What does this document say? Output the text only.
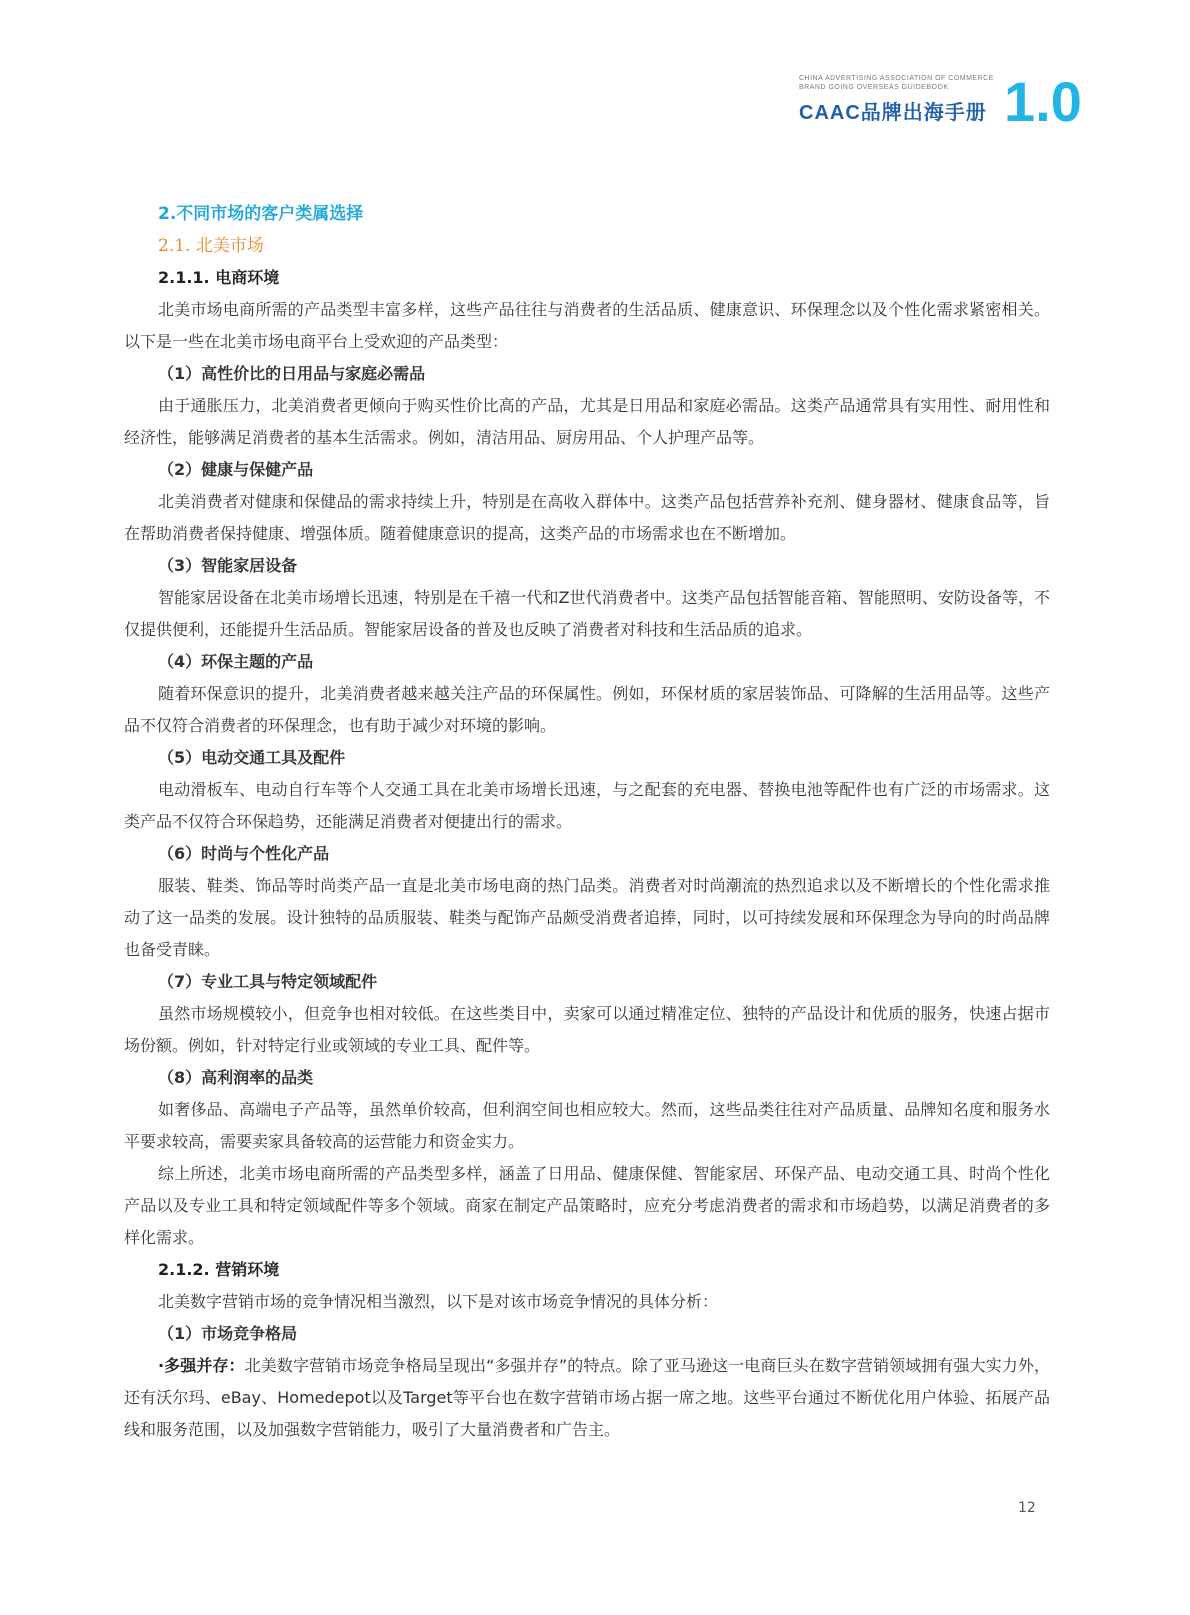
CHINA ADVERTISING ASSOCIATION OF COMMERCE
BRAND GOING OVERSEAS GUIDEBOOK
CAAC品牌出海手册 1.0
2.不同市场的客户类属选择
2.1. 北美市场
2.1.1. 电商环境

北美市场电商所需的产品类型丰富多样，这些产品往往与消费者的生活品质、健康意识、环保理念以及个性化需求紧密相关。以下是一些在北美市场电商平台上受欢迎的产品类型：

（1）高性价比的日用品与家庭必需品

由于通胀压力，北美消费者更倾向于购买性价比高的产品，尤其是日用品和家庭必需品。这类产品通常具有实用性、耐用性和经济性，能够满足消费者的基本生活需求。例如，清洁用品、厨房用品、个人护理产品等。

（2）健康与保健产品

北美消费者对健康和保健品的需求持续上升，特别是在高收入群体中。这类产品包括营养补充剂、健身器材、健康食品等，旨在帮助消费者保持健康、增强体质。随着健康意识的提高，这类产品的市场需求也在不断增加。

（3）智能家居设备

智能家居设备在北美市场增长迅速，特别是在千禧一代和Z世代消费者中。这类产品包括智能音箱、智能照明、安防设备等，不仅提供便利，还能提升生活品质。智能家居设备的普及也反映了消费者对科技和生活品质的追求。

（4）环保主题的产品

随着环保意识的提升，北美消费者越来越关注产品的环保属性。例如，环保材质的家居装饰品、可降解的生活用品等。这些产品不仅符合消费者的环保理念，也有助于减少对环境的影响。

（5）电动交通工具及配件

电动滑板车、电动自行车等个人交通工具在北美市场增长迅速，与之配套的充电器、替换电池等配件也有广泛的市场需求。这类产品不仅符合环保趋势，还能满足消费者对便捷出行的需求。

（6）时尚与个性化产品

服装、鞋类、饰品等时尚类产品一直是北美市场电商的热门品类。消费者对时尚潮流的热烈追求以及不断增长的个性化需求推动了这一品类的发展。设计独特的品质服装、鞋类与配饰产品颇受消费者追捧，同时，以可持续发展和环保理念为导向的时尚品牌也备受青睐。

（7）专业工具与特定领域配件

虽然市场规模较小，但竞争也相对较低。在这些类目中，卖家可以通过精准定位、独特的产品设计和优质的服务，快速占据市场份额。例如，针对特定行业或领域的专业工具、配件等。

（8）高利润率的品类

如奢侈品、高端电子产品等，虽然单价较高，但利润空间也相应较大。然而，这些品类往往对产品质量、品牌知名度和服务水平要求较高，需要卖家具备较高的运营能力和资金实力。

综上所述，北美市场电商所需的产品类型多样，涵盖了日用品、健康保健、智能家居、环保产品、电动交通工具、时尚个性化产品以及专业工具和特定领域配件等多个领域。商家在制定产品策略时，应充分考虑消费者的需求和市场趋势，以满足消费者的多样化需求。

2.1.2. 营销环境

北美数字营销市场的竞争情况相当激烈，以下是对该市场竞争情况的具体分析：

（1）市场竞争格局

·多强并存：北美数字营销市场竞争格局呈现出“多强并存”的特点。除了亚马逊这一电商巨头在数字营销领域拥有强大实力外，还有沃尔玛、eBay、Homedepot以及Target等平台也在数字营销市场占据一席之地。这些平台通过不断优化用户体验、拓展产品线和服务范围，以及加强数字营销能力，吸引了大量消费者和广告主。

12
